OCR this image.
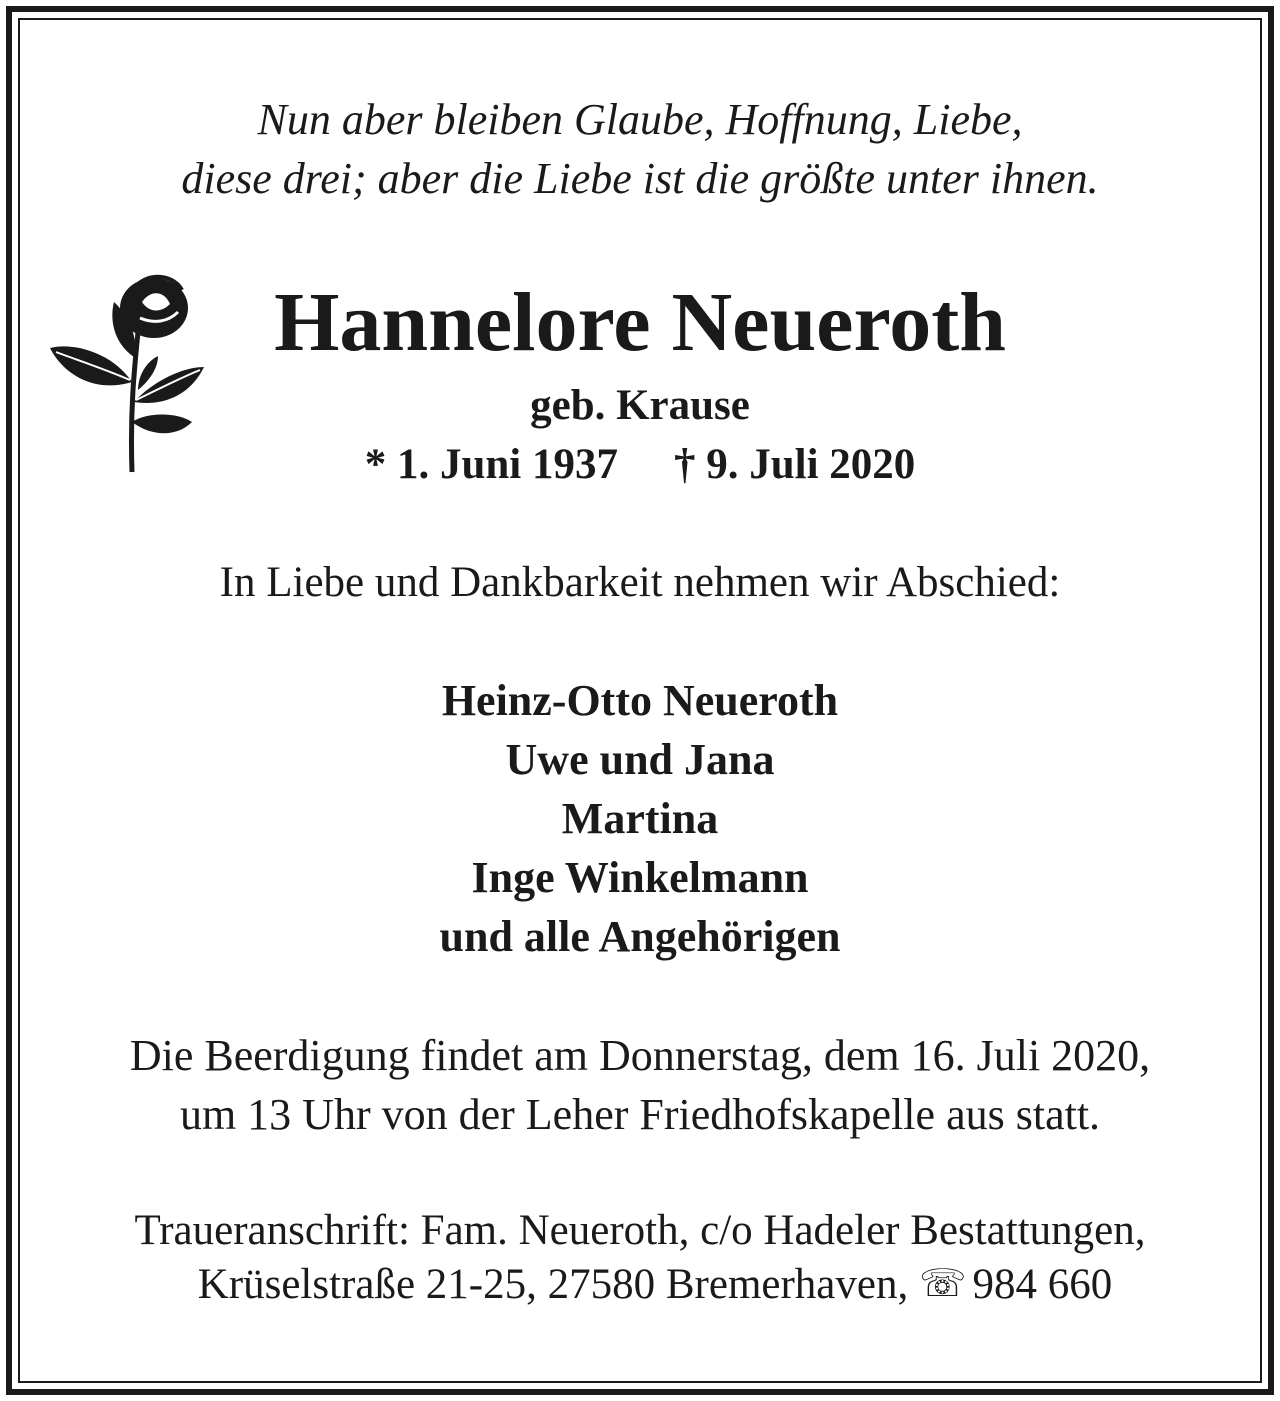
Nun aber bleiben Glaube, Hoffnung, Liebe,
diese drei; aber die Liebe ist die größte unter ihnen.
Hannelore Neueroth
geb. Krause
* 1. Juni 1937 † 9. Juli 2020
In Liebe und Dankbarkeit nehmen wir Abschied:
Heinz-Otto Neueroth
Uwe und Jana
Martina
Inge Winkelmann
und alle Angehörigen
Die Beerdigung findet am Donnerstag, dem 16. Juli 2020,
um 13 Uhr von der Leher Friedhofskapelle aus statt.
Traueranschrift: Fam. Neueroth, c/o Hadeler Bestattungen,
Krüselstraße 21-25, 27580 Bremerhaven, ☏ 984 660
